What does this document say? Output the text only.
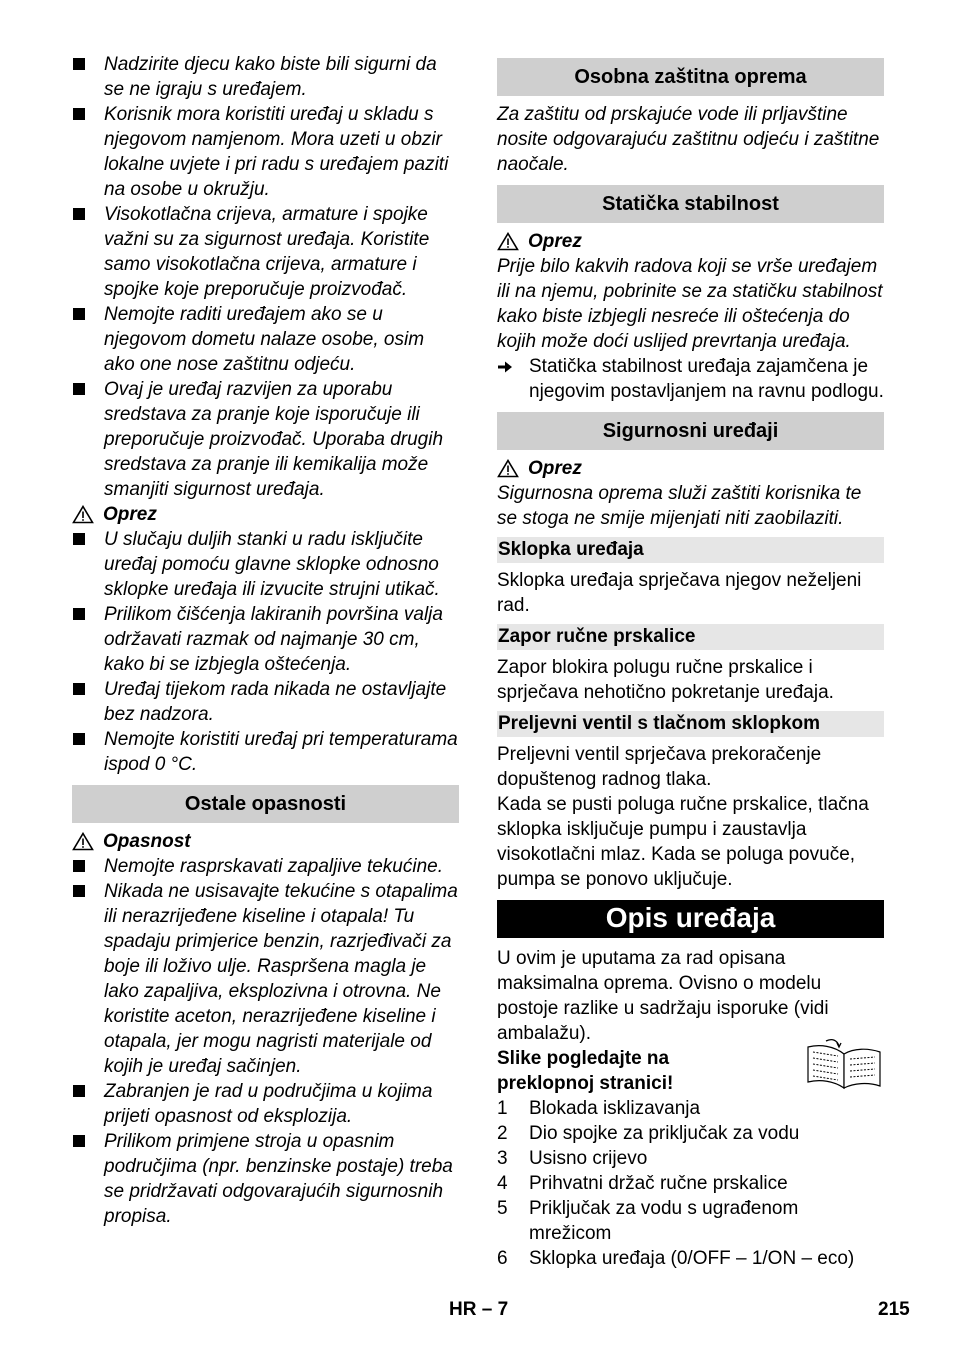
Nadzirite djecu kako biste bili sigurni da se ne igraju s uređajem.
Korisnik mora koristiti uređaj u skladu s njegovom namjenom. Mora uzeti u obzir lokalne uvjete i pri radu s uređajem paziti na osobe u okružju.
Visokotlačna crijeva, armature i spojke važni su za sigurnost uređaja. Koristite samo visokotlačna crijeva, armature i spojke koje preporučuje proizvođač.
Nemojte raditi uređajem ako se u njegovom dometu nalaze osobe, osim ako one nose zaštitnu odjeću.
Ovaj je uređaj razvijen za uporabu sredstava za pranje koje isporučuje ili preporučuje proizvođač. Uporaba drugih sredstava za pranje ili kemikalija može smanjiti sigurnost uređaja.
Oprez
U slučaju duljih stanki u radu isključite uređaj pomoću glavne sklopke odnosno sklopke uređaja ili izvucite strujni utikač.
Prilikom čišćenja lakiranih površina valja održavati razmak od najmanje 30 cm, kako bi se izbjegla oštećenja.
Uređaj tijekom rada nikada ne ostavljajte bez nadzora.
Nemojte koristiti uređaj pri temperaturama ispod 0 °C.
Ostale opasnosti
Opasnost
Nemojte rasprskavati zapaljive tekućine.
Nikada ne usisavajte tekućine s otapalima ili nerazrijeđene kiseline i otapala! Tu spadaju primjerice benzin, razrjeđivači za boje ili loživo ulje. Raspršena magla je lako zapaljiva, eksplozivna i otrovna. Ne koristite aceton, nerazrijeđene kiseline i otapala, jer mogu nagristi materijale od kojih je uređaj sačinjen.
Zabranjen je rad u područjima u kojima prijeti opasnost od eksplozija.
Prilikom primjene stroja u opasnim područjima (npr. benzinske postaje) treba se pridržavati odgovarajućih sigurnosnih propisa.
Osobna zaštitna oprema

Za zaštitu od prskajuće vode ili prljavštine nosite odgovarajuću zaštitnu odjeću i zaštitne naočale.

Statička stabilnost
Oprez

Prije bilo kakvih radova koji se vrše uređajem ili na njemu, pobrinite se za statičku stabilnost kako biste izbjegli nesreće ili oštećenja do kojih može doći uslijed prevrtanja uređaja.

Statička stabilnost uređaja zajamčena je njegovim postavljanjem na ravnu podlogu.
Sigurnosni uređaji
Oprez

Sigurnosna oprema služi zaštiti korisnika te se stoga ne smije mijenjati niti zaobilaziti.

Sklopka uređaja

Sklopka uređaja sprječava njegov neželjeni rad.

Zapor ručne prskalice

Zapor blokira polugu ručne prskalice i sprječava nehotično pokretanje uređaja.

Preljevni ventil s tlačnom sklopkom

Preljevni ventil sprječava prekoračenje dopuštenog radnog tlaka.

Kada se pusti poluga ručne prskalice, tlačna sklopka isključuje pumpu i zaustavlja visokotlačni mlaz. Kada se poluga povuče, pumpa se ponovo uključuje.

Opis uređaja

U ovim je uputama za rad opisana maksimalna oprema. Ovisno o modelu postoje razlike u sadržaju isporuke (vidi ambalažu).

Slike pogledajte na preklopnoj stranici!
1	Blokada isklizavanja
2	Dio spojke za priključak za vodu
3	Usisno crijevo
4	Prihvatni držač ručne prskalice
5	Priključak za vodu s ugrađenom mrežicom
6	Sklopka uređaja (0/OFF – 1/ON – eco)
HR – 7	215
